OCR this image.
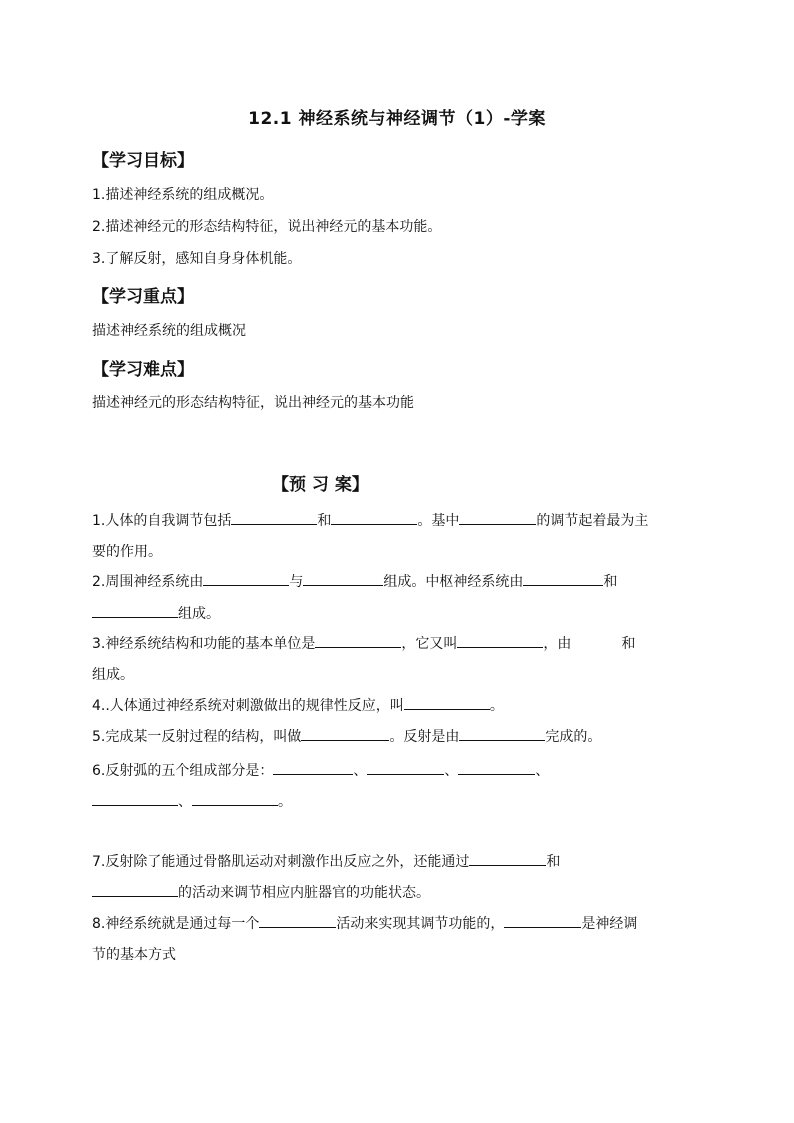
12.1 神经系统与神经调节（1）-学案
【学习目标】
1.描述神经系统的组成概况。
2.描述神经元的形态结构特征，说出神经元的基本功能。
3.了解反射，感知自身身体机能。
【学习重点】
描述神经系统的组成概况
【学习难点】
描述神经元的形态结构特征，说出神经元的基本功能
【预 习 案】
1.人体的自我调节包括	和	。基中	的调节起着最为主
要的作用。
2.周围神经系统由	与	组成。中枢神经系统由	和
组成。
3.神经系统结构和功能的基本单位是	，它又叫	，由	和
组成。
4..人体通过神经系统对刺激做出的规律性反应，叫	。
5.完成某一反射过程的结构，叫做	。反射是由	完成的。
6.反射弧的五个组成部分是：	、	、	、
、	。
7.反射除了能通过骨骼肌运动对刺激作出反应之外，还能通过	和
的活动来调节相应内脏器官的功能状态。
8.神经系统就是通过每一个	活动来实现其调节功能的，	是神经调
节的基本方式
